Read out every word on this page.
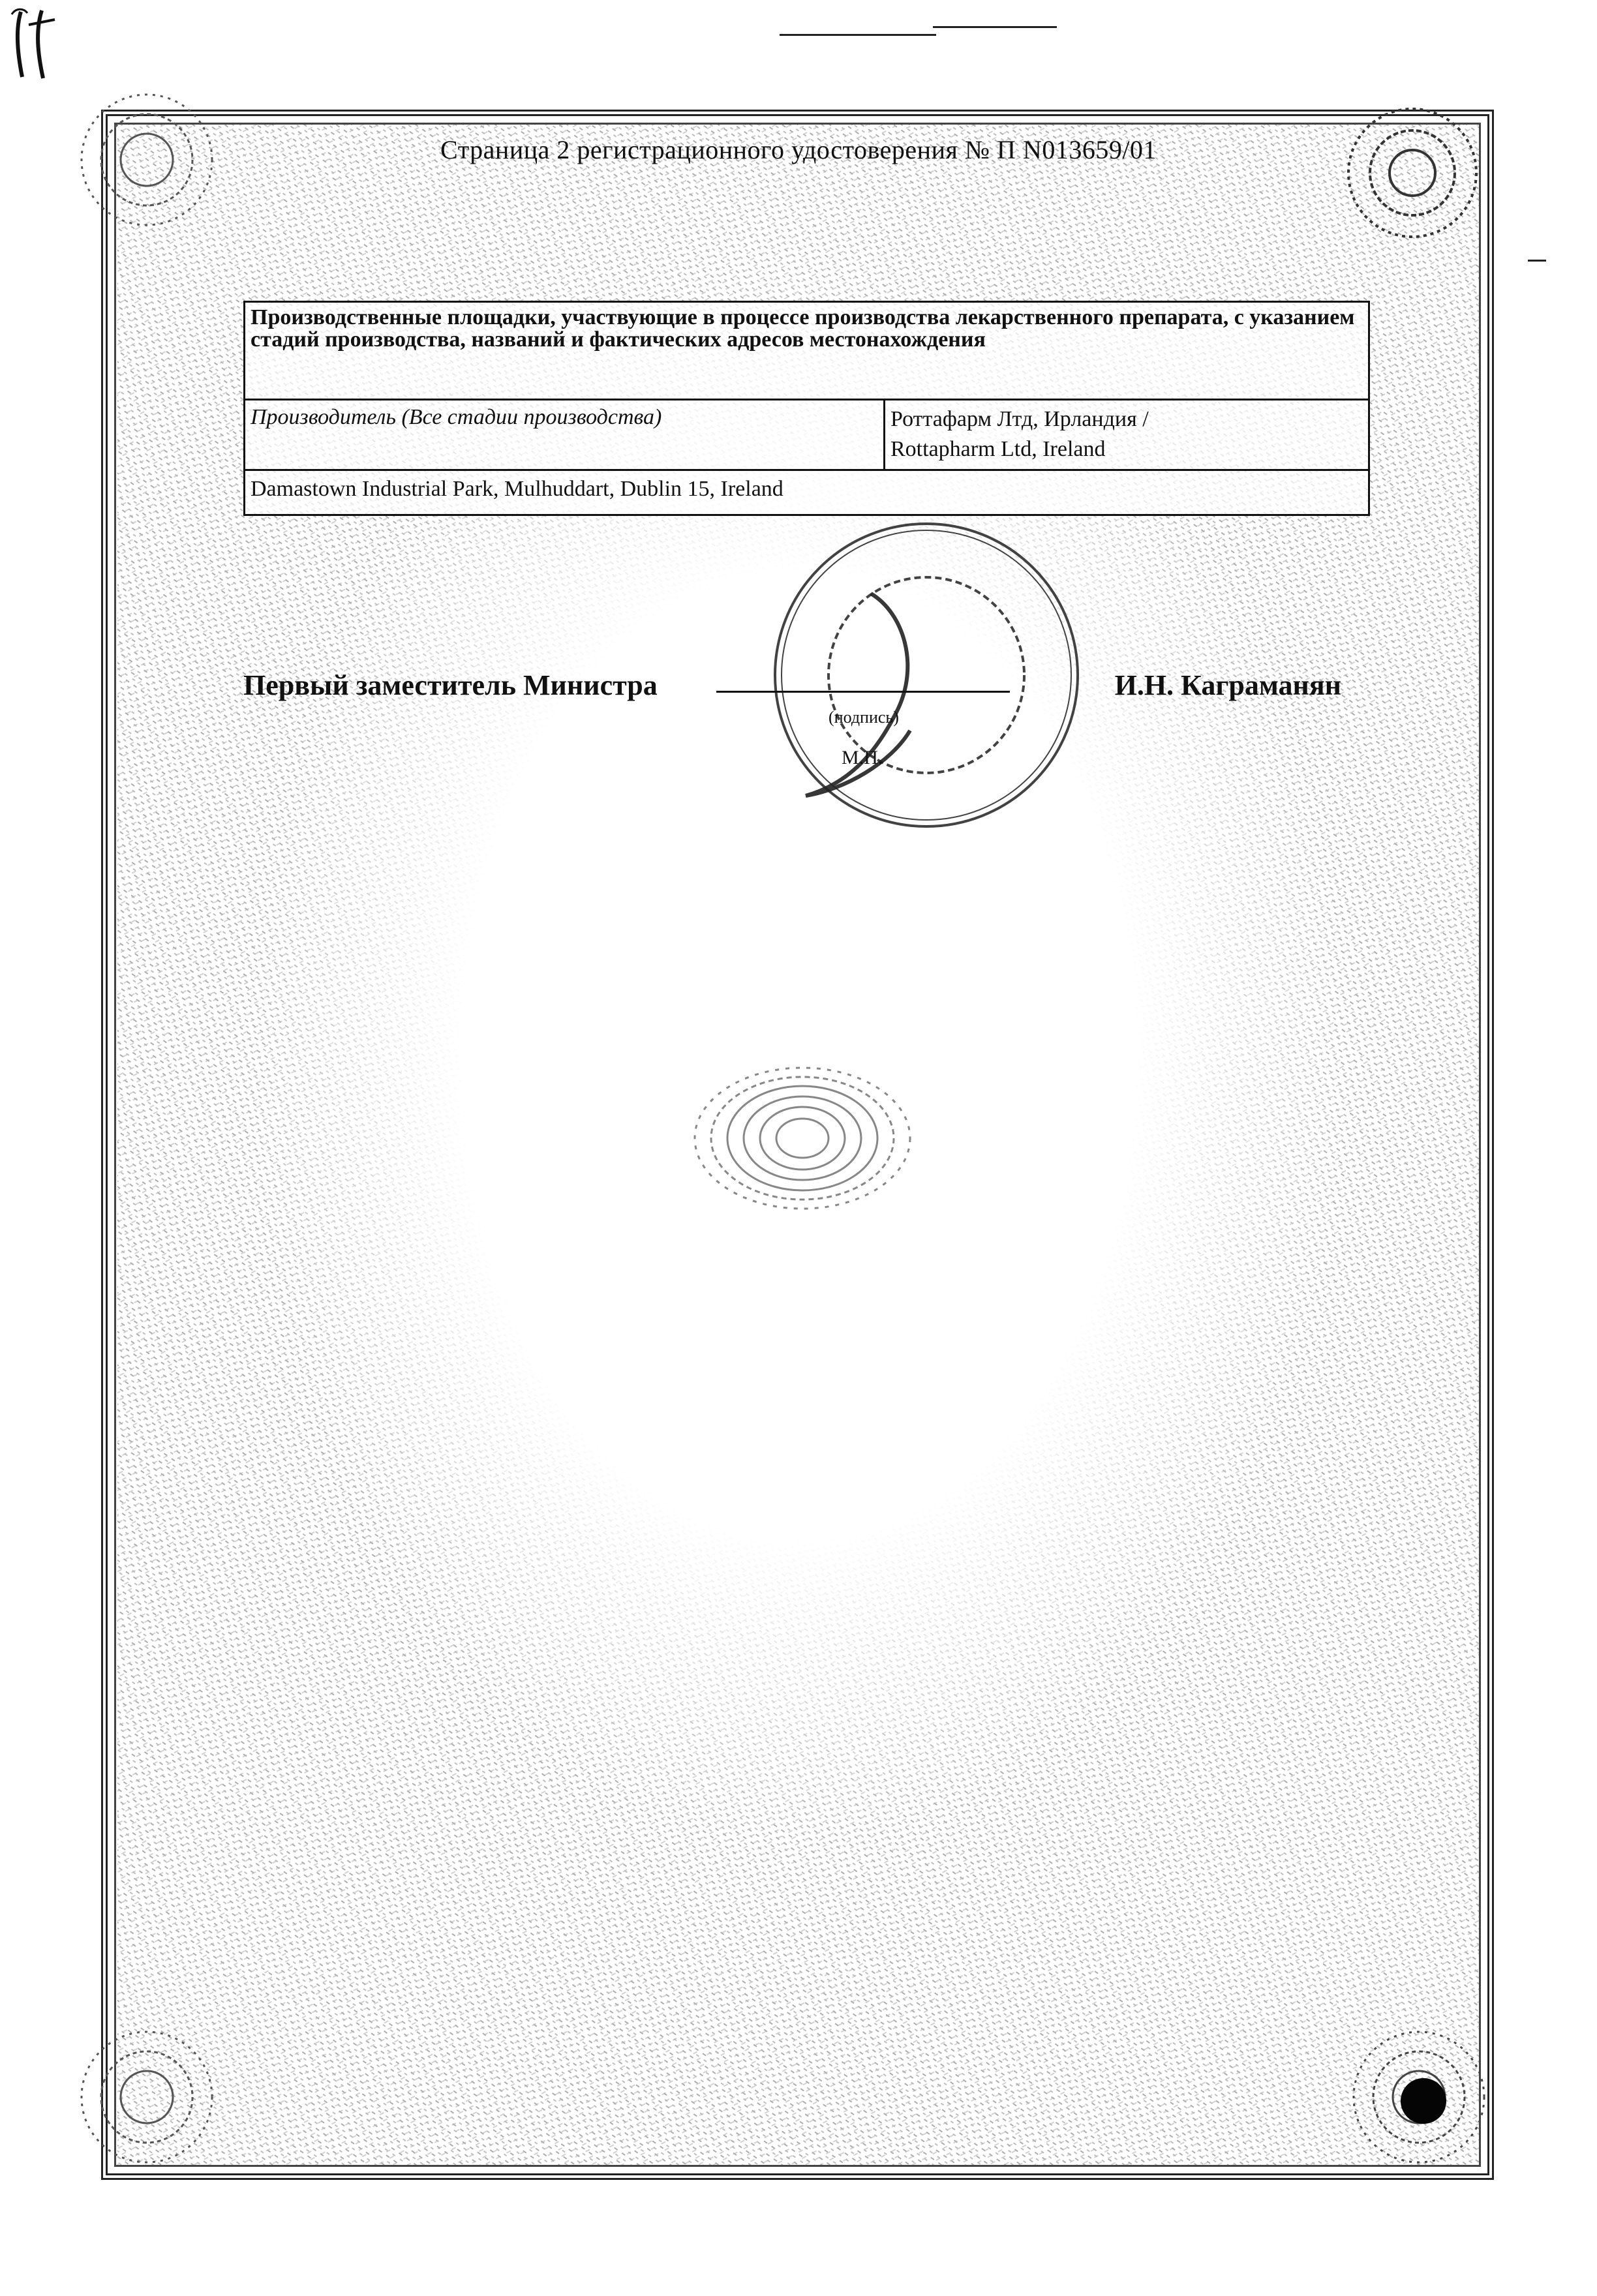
Страница 2 регистрационного удостоверения № П N013659/01
Производственные площадки, участвующие в процессе производства лекарственного препарата, с указанием стадий производства, названий и фактических адресов местонахождения
Производитель (Все стадии производства)	Роттафарм Лтд, Ирландия /
Rottapharm Ltd, Ireland
Damastown Industrial Park, Mulhuddart, Dublin 15, Ireland
Первый заместитель Министра
(подпись)
И.Н. Каграманян
М.П.
